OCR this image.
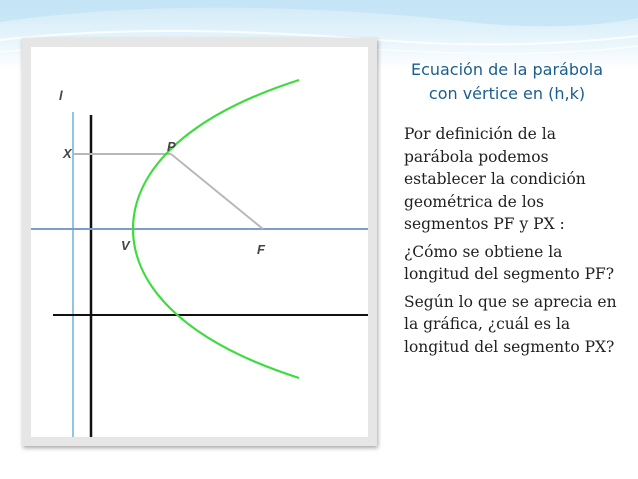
l
X	P
V	F
Ecuación de la parábola
con vértice en (h,k)

Por definición de la parábola podemos establecer la condición geométrica de los segmentos PF y PX :

¿Cómo se obtiene la longitud del segmento PF?

Según lo que se aprecia en la gráfica, ¿cuál es la longitud del segmento PX?
